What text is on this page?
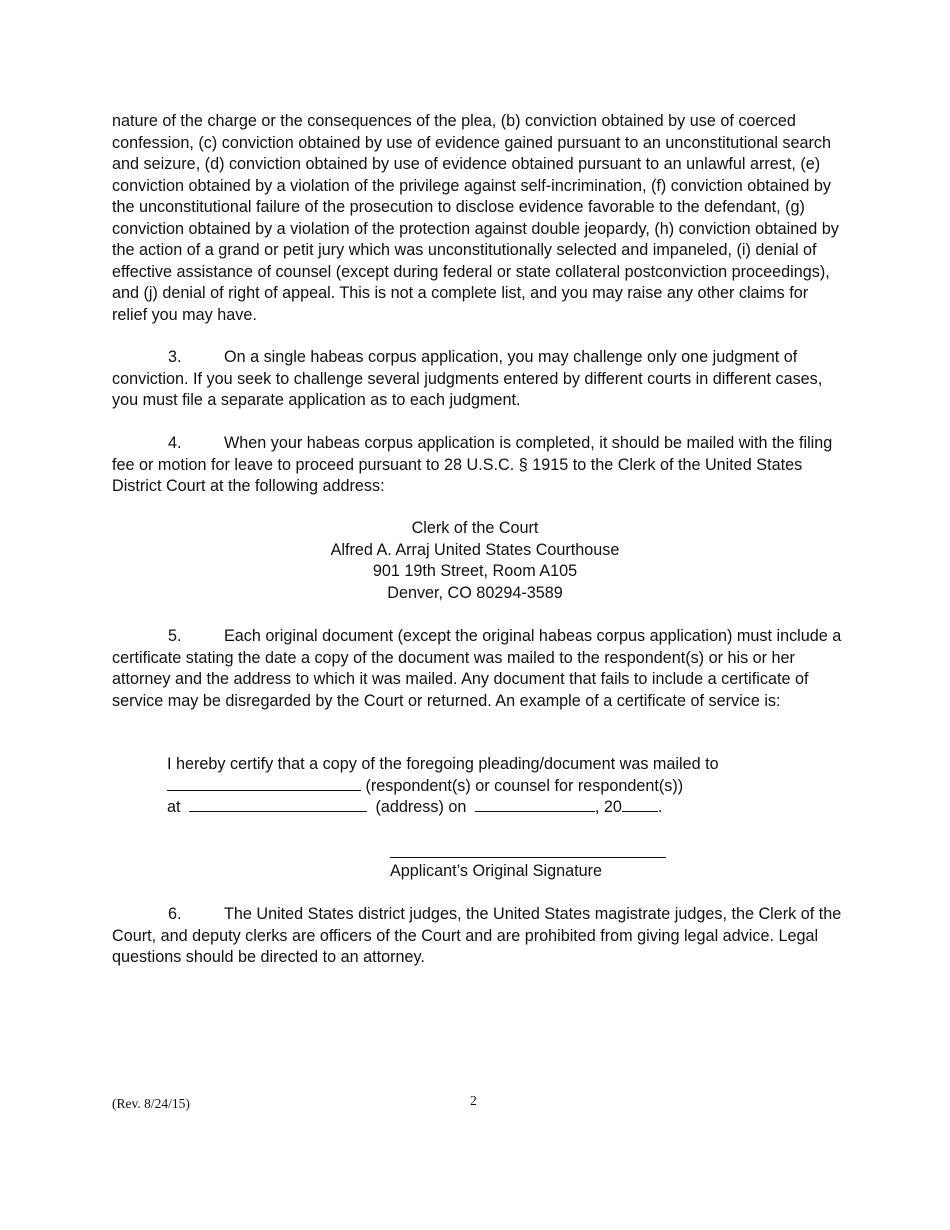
nature of the charge or the consequences of the plea, (b) conviction obtained by use of coerced confession, (c) conviction obtained by use of evidence gained pursuant to an unconstitutional search and seizure, (d) conviction obtained by use of evidence obtained pursuant to an unlawful arrest, (e) conviction obtained by a violation of the privilege against self-incrimination, (f) conviction obtained by the unconstitutional failure of the prosecution to disclose evidence favorable to the defendant, (g) conviction obtained by a violation of the protection against double jeopardy, (h) conviction obtained by the action of a grand or petit jury which was unconstitutionally selected and impaneled, (i) denial of effective assistance of counsel (except during federal or state collateral postconviction proceedings), and (j) denial of right of appeal. This is not a complete list, and you may raise any other claims for relief you may have.
3.	On a single habeas corpus application, you may challenge only one judgment of conviction. If you seek to challenge several judgments entered by different courts in different cases, you must file a separate application as to each judgment.
4.	When your habeas corpus application is completed, it should be mailed with the filing fee or motion for leave to proceed pursuant to 28 U.S.C. § 1915 to the Clerk of the United States District Court at the following address:
Clerk of the Court
Alfred A. Arraj United States Courthouse
901 19th Street, Room A105
Denver, CO 80294-3589
5.	Each original document (except the original habeas corpus application) must include a certificate stating the date a copy of the document was mailed to the respondent(s) or his or her attorney and the address to which it was mailed. Any document that fails to include a certificate of service may be disregarded by the Court or returned. An example of a certificate of service is:
I hereby certify that a copy of the foregoing pleading/document was mailed to
(respondent(s) or counsel for respondent(s))
at	(address) on	, 20 .
Applicant’s Original Signature
6.	The United States district judges, the United States magistrate judges, the Clerk of the Court, and deputy clerks are officers of the Court and are prohibited from giving legal advice. Legal questions should be directed to an attorney.
(Rev. 8/24/15)	2
